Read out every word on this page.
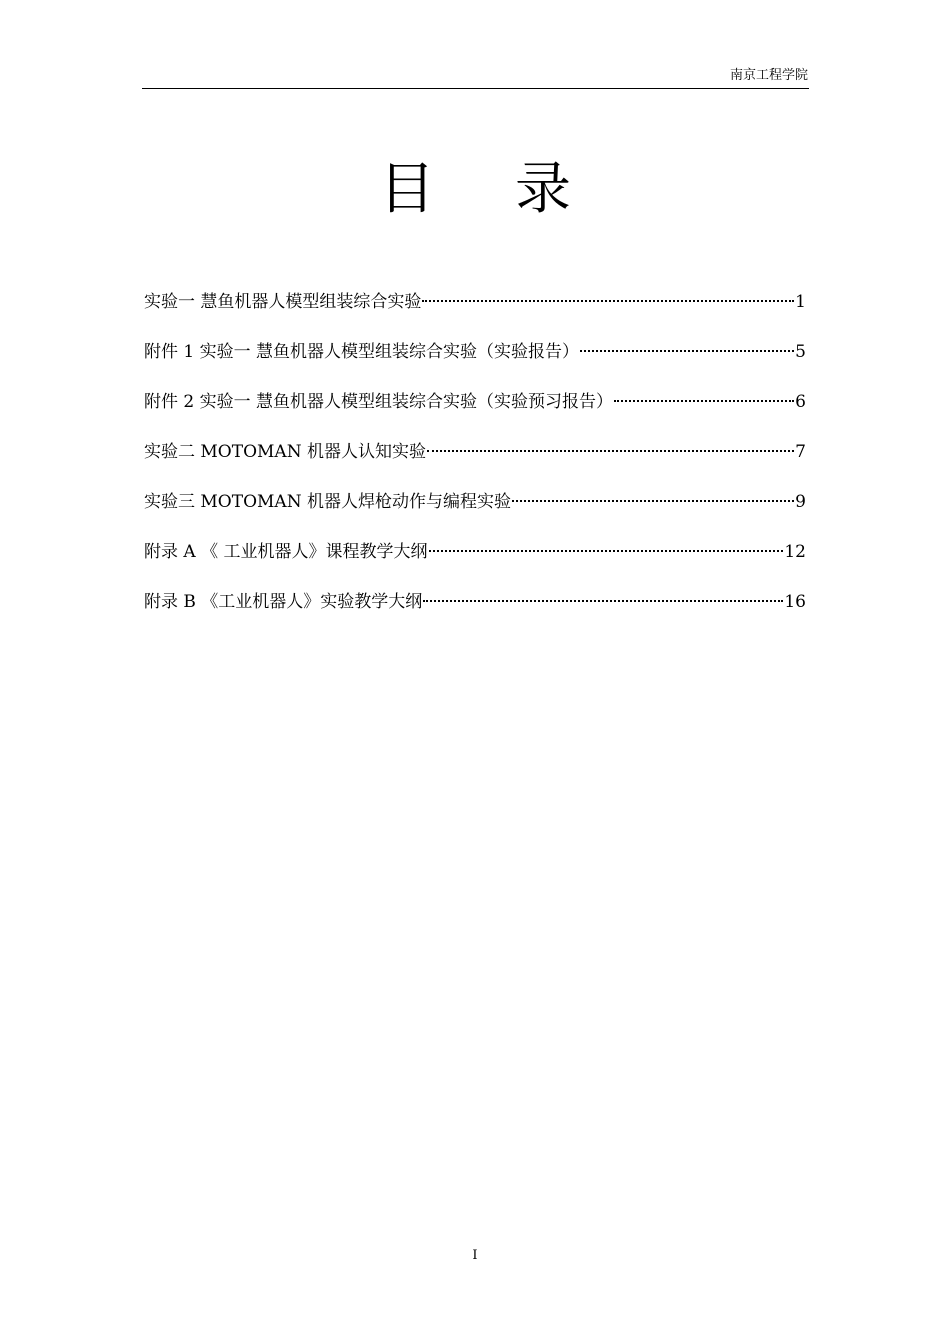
南京工程学院
目录
实验一 慧鱼机器人模型组装综合实验	1
附件 1 实验一 慧鱼机器人模型组装综合实验（实验报告）	5
附件 2 实验一 慧鱼机器人模型组装综合实验（实验预习报告）	6
实验二 MOTOMAN 机器人认知实验	7
实验三 MOTOMAN 机器人焊枪动作与编程实验	9
附录 A 《 工业机器人》课程教学大纲	12
附录 B 《工业机器人》实验教学大纲	16
I
